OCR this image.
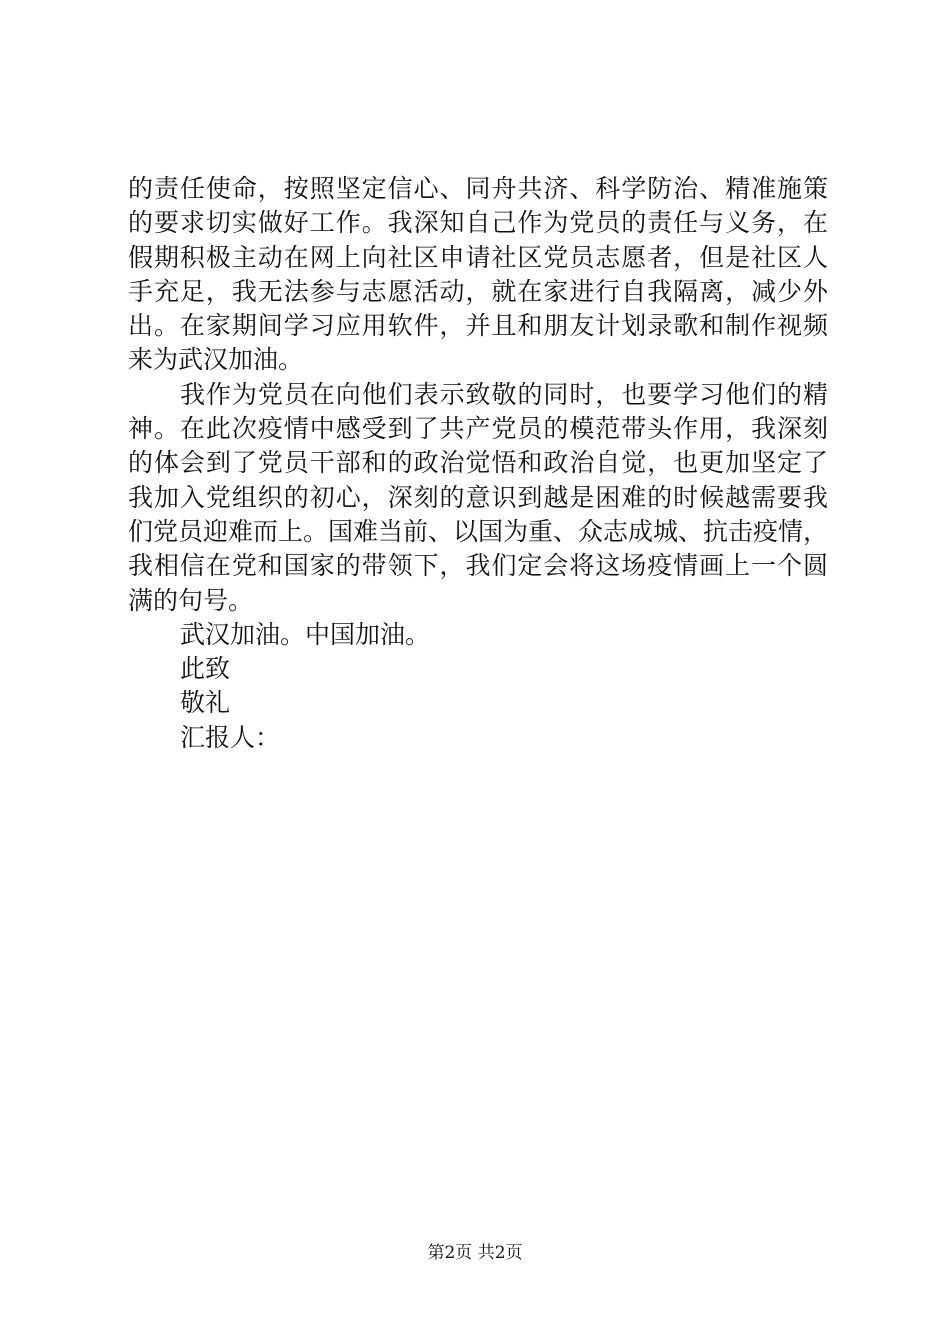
的责任使命，按照坚定信心、同舟共济、科学防治、精准施策
的要求切实做好工作。我深知自己作为党员的责任与义务，在
假期积极主动在网上向社区申请社区党员志愿者，但是社区人
手充足，我无法参与志愿活动，就在家进行自我隔离，减少外
出。在家期间学习应用软件，并且和朋友计划录歌和制作视频
来为武汉加油。
我作为党员在向他们表示致敬的同时，也要学习他们的精
神。在此次疫情中感受到了共产党员的模范带头作用，我深刻
的体会到了党员干部和的政治觉悟和政治自觉，也更加坚定了
我加入党组织的初心，深刻的意识到越是困难的时候越需要我
们党员迎难而上。国难当前、以国为重、众志成城、抗击疫情，
我相信在党和国家的带领下，我们定会将这场疫情画上一个圆
满的句号。
武汉加油。中国加油。
此致
敬礼
汇报人：
第2页 共2页
